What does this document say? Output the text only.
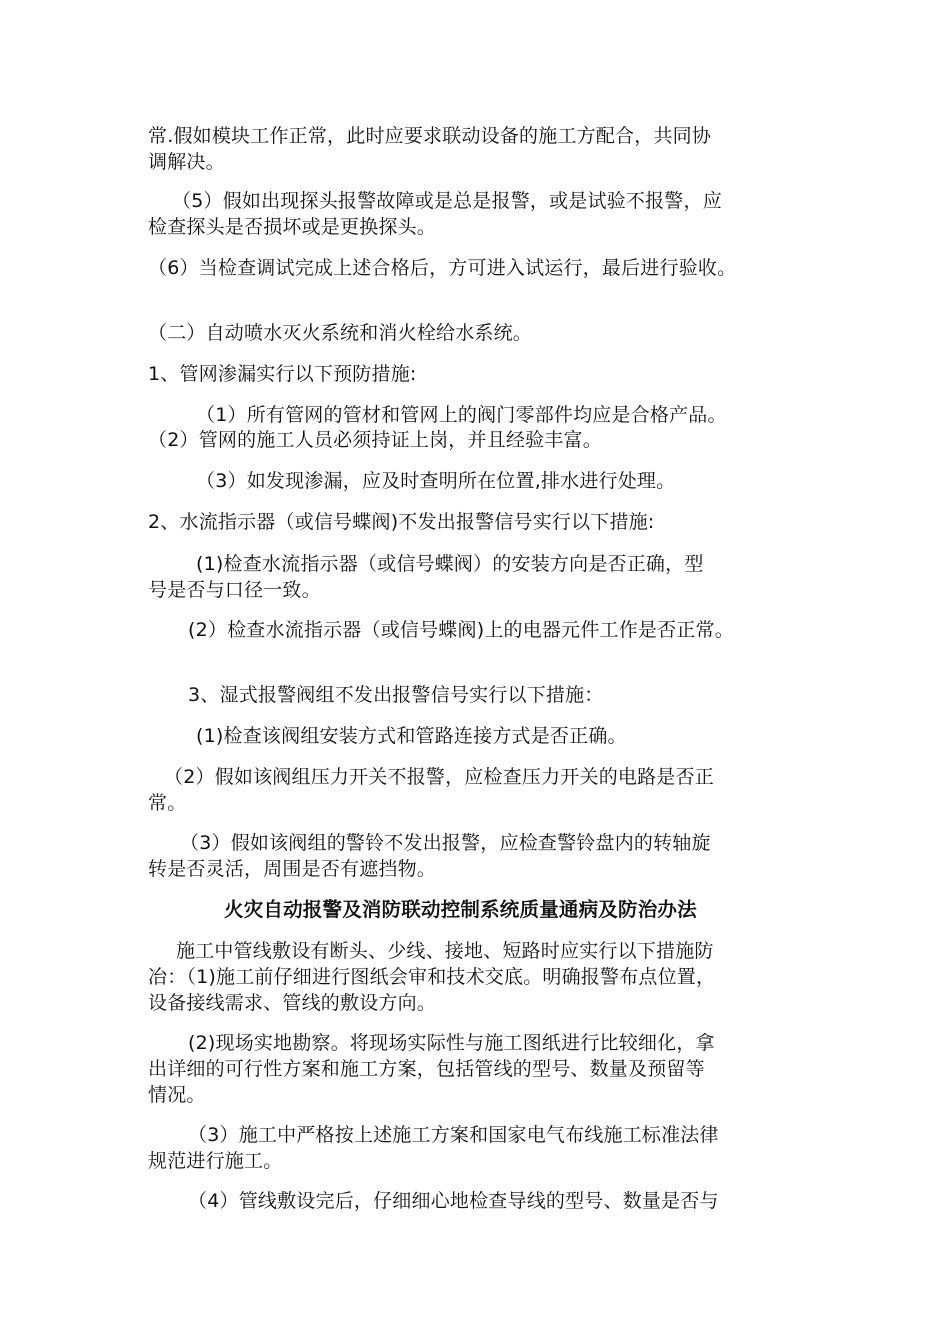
常.假如模块工作正常，此时应要求联动设备的施工方配合，共同协

调解决。

（5）假如出现探头报警故障或是总是报警，或是试验不报警，应

检查探头是否损坏或是更换探头。

（6）当检查调试完成上述合格后，方可进入试运行，最后进行验收。

（二）自动喷水灭火系统和消火栓给水系统。

1、管网渗漏实行以下预防措施:

（1）所有管网的管材和管网上的阀门零部件均应是合格产品。

（2）管网的施工人员必须持证上岗，并且经验丰富。

（3）如发现渗漏，应及时查明所在位置,排水进行处理。

2、水流指示器（或信号蝶阀)不发出报警信号实行以下措施:

(1)检查水流指示器（或信号蝶阀）的安装方向是否正确，型

号是否与口径一致。

(2）检查水流指示器（或信号蝶阀)上的电器元件工作是否正常。

3、湿式报警阀组不发出报警信号实行以下措施：

(1)检查该阀组安装方式和管路连接方式是否正确。

（2）假如该阀组压力开关不报警，应检查压力开关的电路是否正

常。

（3）假如该阀组的警铃不发出报警，应检查警铃盘内的转轴旋

转是否灵活，周围是否有遮挡物。

火灾自动报警及消防联动控制系统质量通病及防治办法

施工中管线敷设有断头、少线、接地、短路时应实行以下措施防

冶：（1)施工前仔细进行图纸会审和技术交底。明确报警布点位置，

设备接线需求、管线的敷设方向。

(2)现场实地勘察。将现场实际性与施工图纸进行比较细化，拿

出详细的可行性方案和施工方案，包括管线的型号、数量及预留等

情况。

（3）施工中严格按上述施工方案和国家电气布线施工标准法律

规范进行施工。

（4）管线敷设完后，仔细细心地检查导线的型号、数量是否与
